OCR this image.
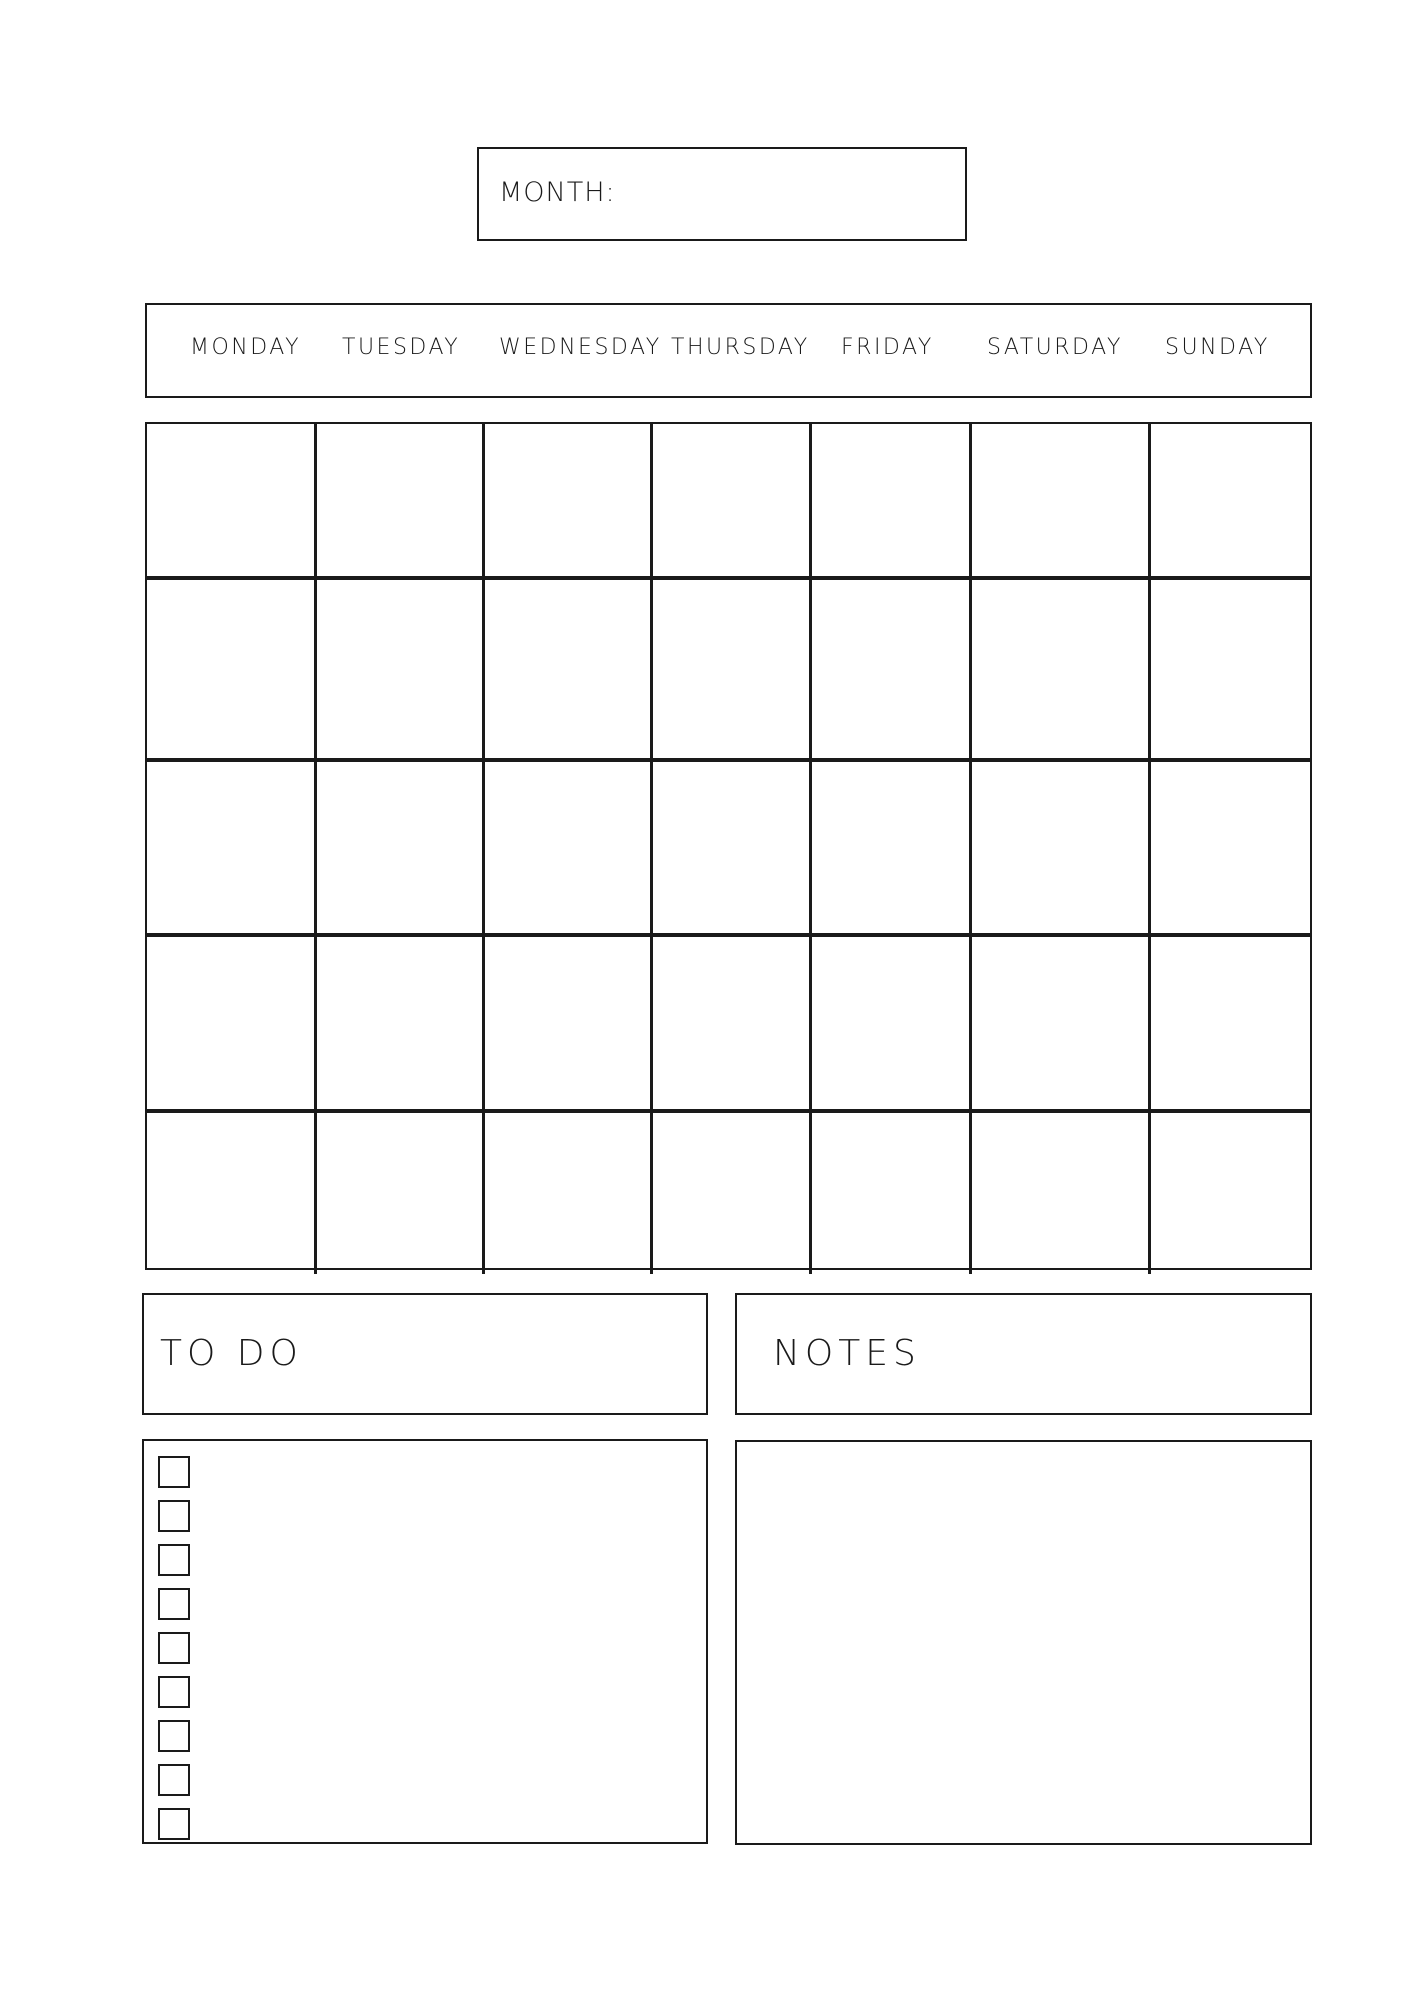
MONTH:
MONDAY TUESDAY WEDNESDAY THURSDAY FRIDAY SATURDAY SUNDAY
TO DO	NOTES
